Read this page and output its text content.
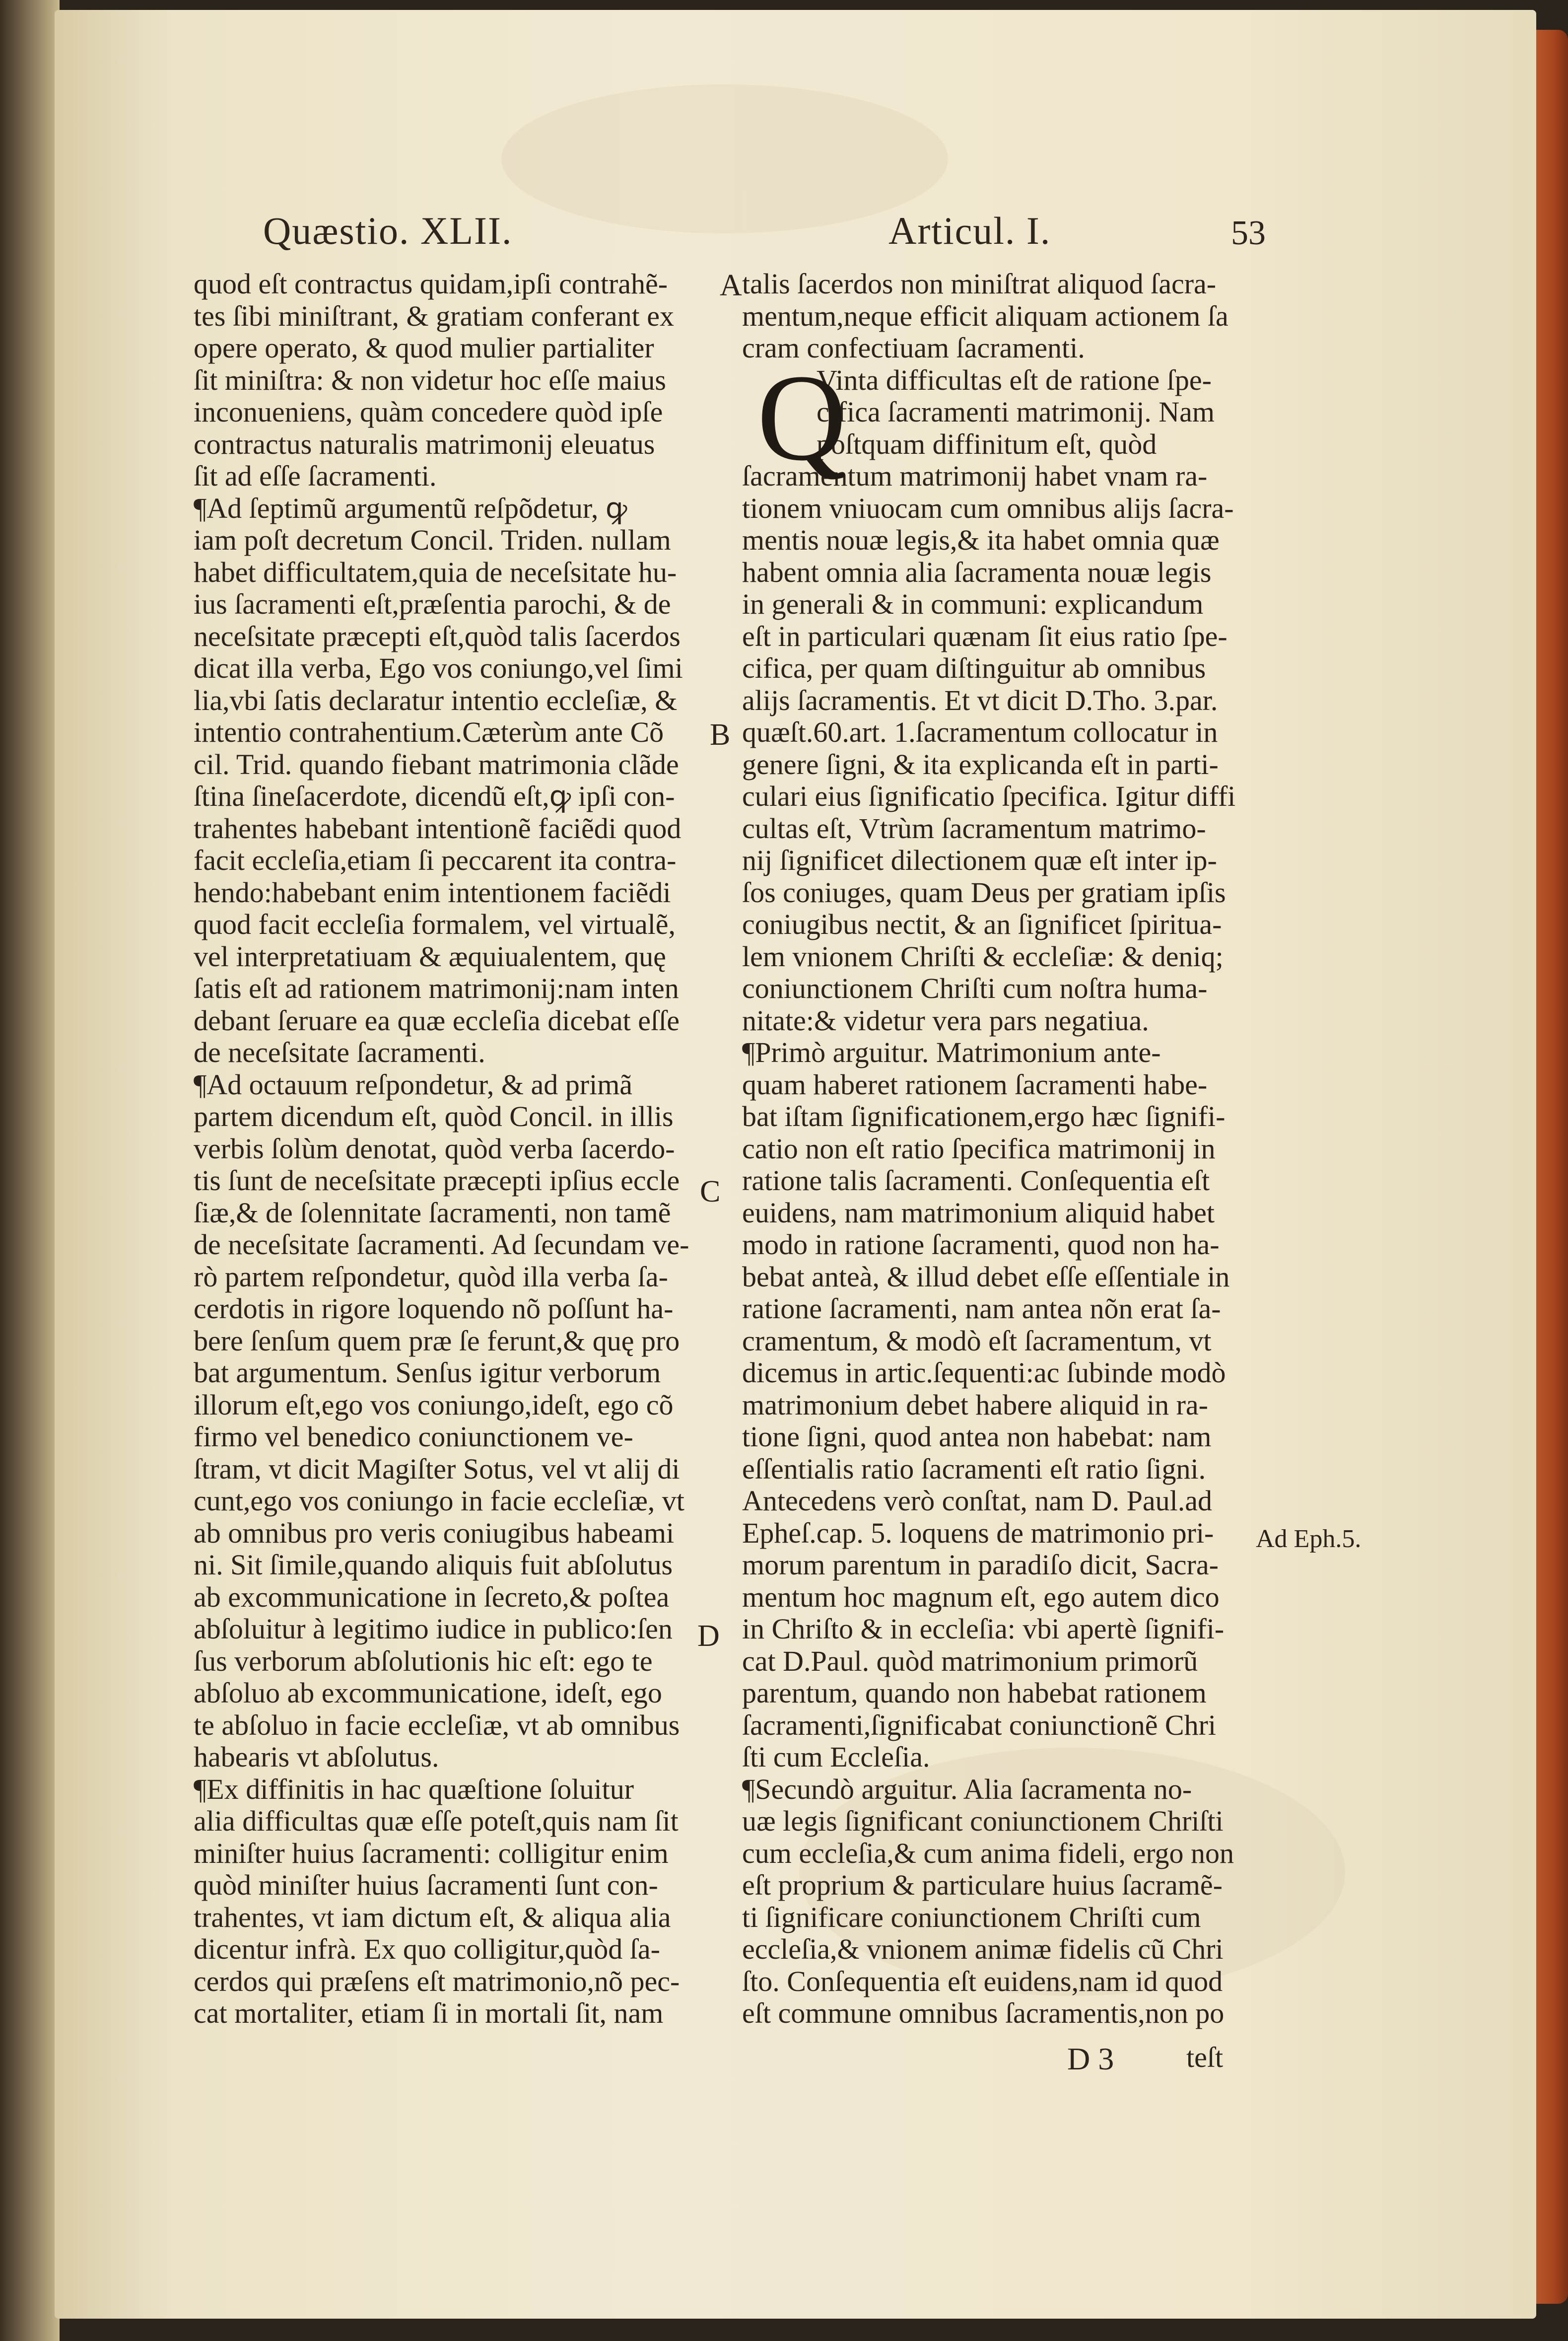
Quæstio. XLII.	Articul. I.	53
quod eſt contractus quidam,ipſi contrahẽ-
tes ſibi miniſtrant, & gratiam conferant ex
opere operato, & quod mulier partialiter
ſit miniſtra: & non videtur hoc eſſe maius
inconueniens, quàm concedere quòd ipſe
contractus naturalis matrimonij eleuatus
ſit ad eſſe ſacramenti.
¶Ad ſeptimũ argumentũ reſpõdetur, ꝙ
iam poſt decretum Concil. Triden. nullam
habet difficultatem,quia de neceſsitate hu-
ius ſacramenti eſt,præſentia parochi, & de
neceſsitate præcepti eſt,quòd talis ſacerdos
dicat illa verba, Ego vos coniungo,vel ſimi
lia,vbi ſatis declaratur intentio eccleſiæ, &
intentio contrahentium.Cæterùm ante Cõ
cil. Trid. quando fiebant matrimonia clãde
ſtina ſineſacerdote, dicendũ eſt,ꝙ ipſi con-
trahentes habebant intentionẽ faciẽdi quod
facit eccleſia,etiam ſi peccarent ita contra-
hendo:habebant enim intentionem faciẽdi
quod facit eccleſia formalem, vel virtualẽ,
vel interpretatiuam & æquiualentem, quę
ſatis eſt ad rationem matrimonij:nam inten
debant ſeruare ea quæ eccleſia dicebat eſſe
de neceſsitate ſacramenti.
¶Ad octauum reſpondetur, & ad primã
partem dicendum eſt, quòd Concil. in illis
verbis ſolùm denotat, quòd verba ſacerdo-
tis ſunt de neceſsitate præcepti ipſius eccle
ſiæ,& de ſolennitate ſacramenti, non tamẽ
de neceſsitate ſacramenti. Ad ſecundam ve-
rò partem reſpondetur, quòd illa verba ſa-
cerdotis in rigore loquendo nõ poſſunt ha-
bere ſenſum quem præ ſe ferunt,& quę pro
bat argumentum. Senſus igitur verborum
illorum eſt,ego vos coniungo,ideſt, ego cõ
firmo vel benedico coniunctionem ve-
ſtram, vt dicit Magiſter Sotus, vel vt alij di
cunt,ego vos coniungo in facie eccleſiæ, vt
ab omnibus pro veris coniugibus habeami
ni. Sit ſimile,quando aliquis fuit abſolutus
ab excommunicatione in ſecreto,& poſtea
abſoluitur à legitimo iudice in publico:ſen
ſus verborum abſolutionis hic eſt: ego te
abſoluo ab excommunicatione, ideſt, ego
te abſoluo in facie eccleſiæ, vt ab omnibus
habearis vt abſolutus.
¶Ex diffinitis in hac quæſtione ſoluitur
alia difficultas quæ eſſe poteſt,quis nam ſit
miniſter huius ſacramenti: colligitur enim
quòd miniſter huius ſacramenti ſunt con-
trahentes, vt iam dictum eſt, & aliqua alia
dicentur infrà. Ex quo colligitur,quòd ſa-
cerdos qui præſens eſt matrimonio,nõ pec-
cat mortaliter, etiam ſi in mortali ſit, nam
talis ſacerdos non miniſtrat aliquod ſacra-
mentum,neque efficit aliquam actionem ſa
cram confectiuam ſacramenti.
Vinta difficultas eſt de ratione ſpe-
cifica ſacramenti matrimonij. Nam
poſtquam diffinitum eſt, quòd
ſacramentum matrimonij habet vnam ra-
tionem vniuocam cum omnibus alijs ſacra-
mentis nouæ legis,& ita habet omnia quæ
habent omnia alia ſacramenta nouæ legis
in generali & in communi: explicandum
eſt in particulari quænam ſit eius ratio ſpe-
cifica, per quam diſtinguitur ab omnibus
alijs ſacramentis. Et vt dicit D.Tho. 3.par.
quæſt.60.art. 1.ſacramentum collocatur in
genere ſigni, & ita explicanda eſt in parti-
culari eius ſignificatio ſpecifica. Igitur diffi
cultas eſt, Vtrùm ſacramentum matrimo-
nij ſignificet dilectionem quæ eſt inter ip-
ſos coniuges, quam Deus per gratiam ipſis
coniugibus nectit, & an ſignificet ſpiritua-
lem vnionem Chriſti & eccleſiæ: & deniq;
coniunctionem Chriſti cum noſtra huma-
nitate:& videtur vera pars negatiua.
¶Primò arguitur. Matrimonium ante-
quam haberet rationem ſacramenti habe-
bat iſtam ſignificationem,ergo hæc ſignifi-
catio non eſt ratio ſpecifica matrimonij in
ratione talis ſacramenti. Conſequentia eſt
euidens, nam matrimonium aliquid habet
modo in ratione ſacramenti, quod non ha-
bebat anteà, & illud debet eſſe eſſentiale in
ratione ſacramenti, nam antea nõn erat ſa-
cramentum, & modò eſt ſacramentum, vt
dicemus in artic.ſequenti:ac ſubinde modò
matrimonium debet habere aliquid in ra-
tione ſigni, quod antea non habebat: nam
eſſentialis ratio ſacramenti eſt ratio ſigni.
Antecedens verò conſtat, nam D. Paul.ad
Epheſ.cap. 5. loquens de matrimonio pri-
morum parentum in paradiſo dicit, Sacra-
mentum hoc magnum eſt, ego autem dico
in Chriſto & in eccleſia: vbi apertè ſignifi-
cat D.Paul. quòd matrimonium primorũ
parentum, quando non habebat rationem
ſacramenti,ſignificabat coniunctionẽ Chri
ſti cum Eccleſia.
¶Secundò arguitur. Alia ſacramenta no-
uæ legis ſignificant coniunctionem Chriſti
cum eccleſia,& cum anima fideli, ergo non
eſt proprium & particulare huius ſacramẽ-
ti ſignificare coniunctionem Chriſti cum
eccleſia,& vnionem animæ fidelis cũ Chri
ſto. Conſequentia eſt euidens,nam id quod
eſt commune omnibus ſacramentis,non po
Q
A
B
C
D
Ad Eph.5.
D 3	teſt
